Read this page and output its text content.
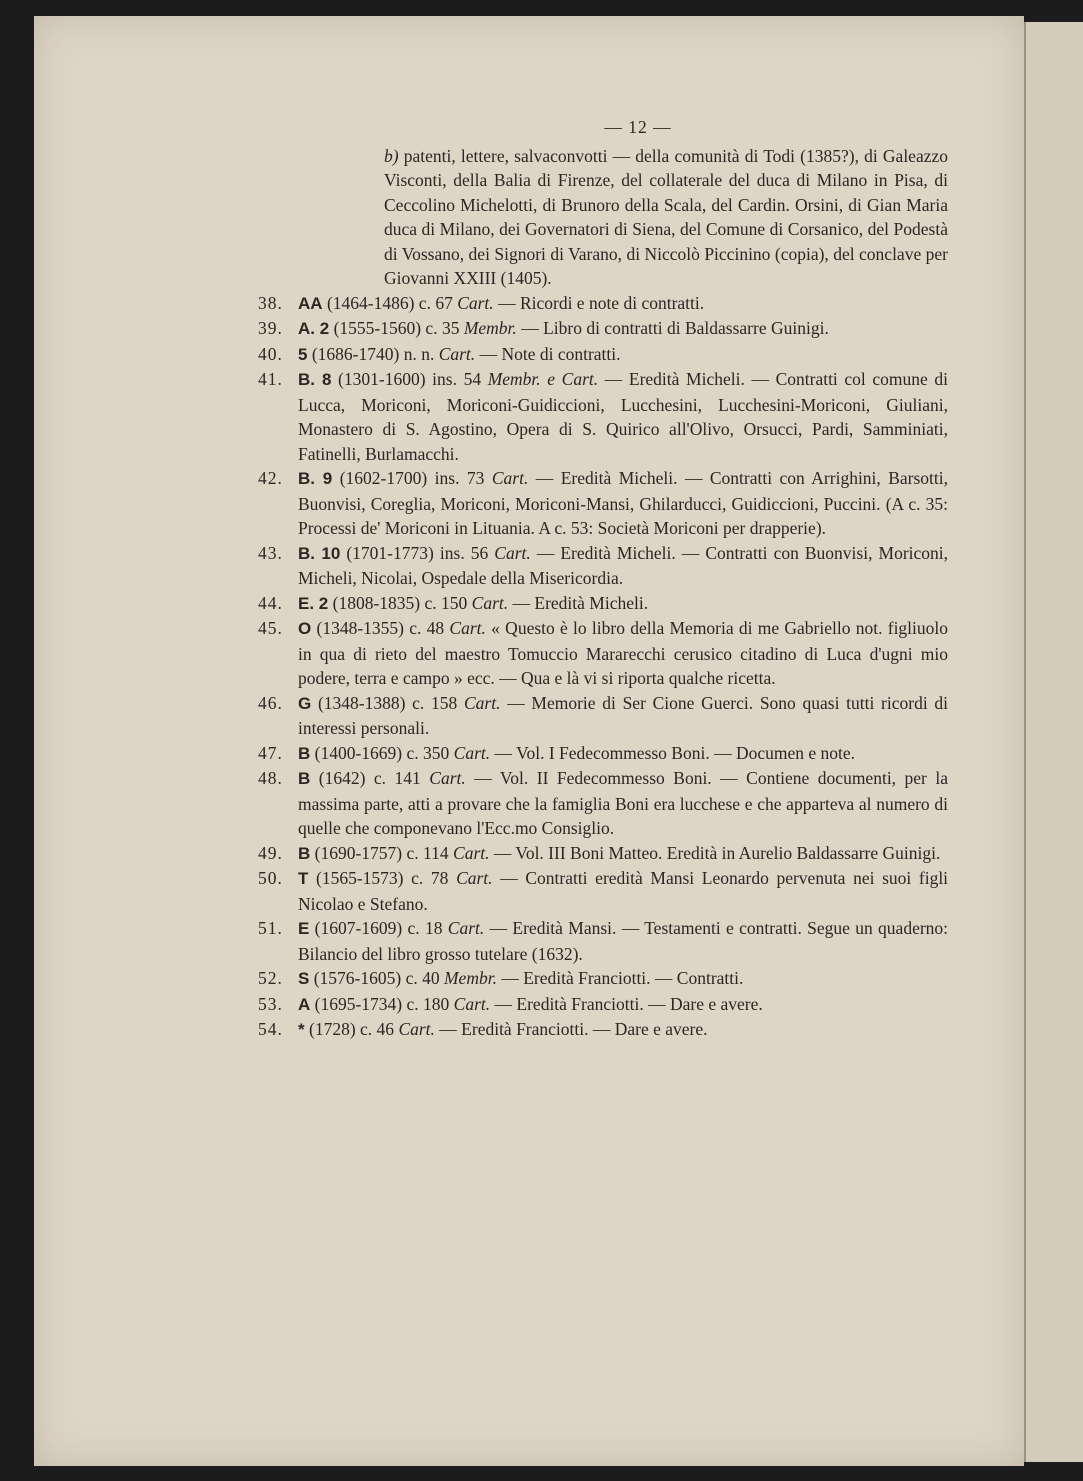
— 12 —
b) patenti, lettere, salvaconvotti — della comunità di Todi (1385?), di Galeazzo Visconti, della Balia di Firenze, del collaterale del duca di Milano in Pisa, di Ceccolino Michelotti, di Brunoro della Scala, del Cardin. Orsini, di Gian Maria duca di Milano, dei Governatori di Siena, del Comune di Corsanico, del Podestà di Vossano, dei Signori di Varano, di Niccolò Piccinino (copia), del conclave per Giovanni XXIII (1405).
38. AA (1464-1486) c. 67 Cart. — Ricordi e note di contratti.
39. A. 2 (1555-1560) c. 35 Membr. — Libro di contratti di Baldassarre Guinigi.
40. 5 (1686-1740) n. n. Cart. — Note di contratti.
41. B. 8 (1301-1600) ins. 54 Membr. e Cart. — Eredità Micheli. — Contratti col comune di Lucca, Moriconi, Moriconi-Guidiccioni, Lucchesini, Lucchesini-Moriconi, Giuliani, Monastero di S. Agostino, Opera di S. Quirico all'Olivo, Orsucci, Pardi, Samminiati, Fatinelli, Burlamacchi.
42. B. 9 (1602-1700) ins. 73 Cart. — Eredità Micheli. — Contratti con Arrighini, Barsotti, Buonvisi, Coreglia, Moriconi, Moriconi-Mansi, Ghilarducci, Guidiccioni, Puccini. (A c. 35: Processi de' Moriconi in Lituania. A c. 53: Società Moriconi per drapperie).
43. B. 10 (1701-1773) ins. 56 Cart. — Eredità Micheli. — Contratti con Buonvisi, Moriconi, Micheli, Nicolai, Ospedale della Misericordia.
44. E. 2 (1808-1835) c. 150 Cart. — Eredità Micheli.
45. O (1348-1355) c. 48 Cart. « Questo è lo libro della Memoria di me Gabriello not. figliuolo in qua di rieto del maestro Tomuccio Mararecchi cerusico citadino di Luca d'ugni mio podere, terra e campo » ecc. — Qua e là vi si riporta qualche ricetta.
46. G (1348-1388) c. 158 Cart. — Memorie di Ser Cione Guerci. Sono quasi tutti ricordi di interessi personali.
47. B (1400-1669) c. 350 Cart. — Vol. I Fedecommesso Boni. — Documen e note.
48. B (1642) c. 141 Cart. — Vol. II Fedecommesso Boni. — Contiene documenti, per la massima parte, atti a provare che la famiglia Boni era lucchese e che apparteva al numero di quelle che componevano l'Ecc.mo Consiglio.
49. B (1690-1757) c. 114 Cart. — Vol. III Boni Matteo. Eredità in Aurelio Baldassarre Guinigi.
50. T (1565-1573) c. 78 Cart. — Contratti eredità Mansi Leonardo pervenuta nei suoi figli Nicolao e Stefano.
51. E (1607-1609) c. 18 Cart. — Eredità Mansi. — Testamenti e contratti. Segue un quaderno: Bilancio del libro grosso tutelare (1632).
52. S (1576-1605) c. 40 Membr. — Eredità Franciotti. — Contratti.
53. A (1695-1734) c. 180 Cart. — Eredità Franciotti. — Dare e avere.
54. * (1728) c. 46 Cart. — Eredità Franciotti. — Dare e avere.
